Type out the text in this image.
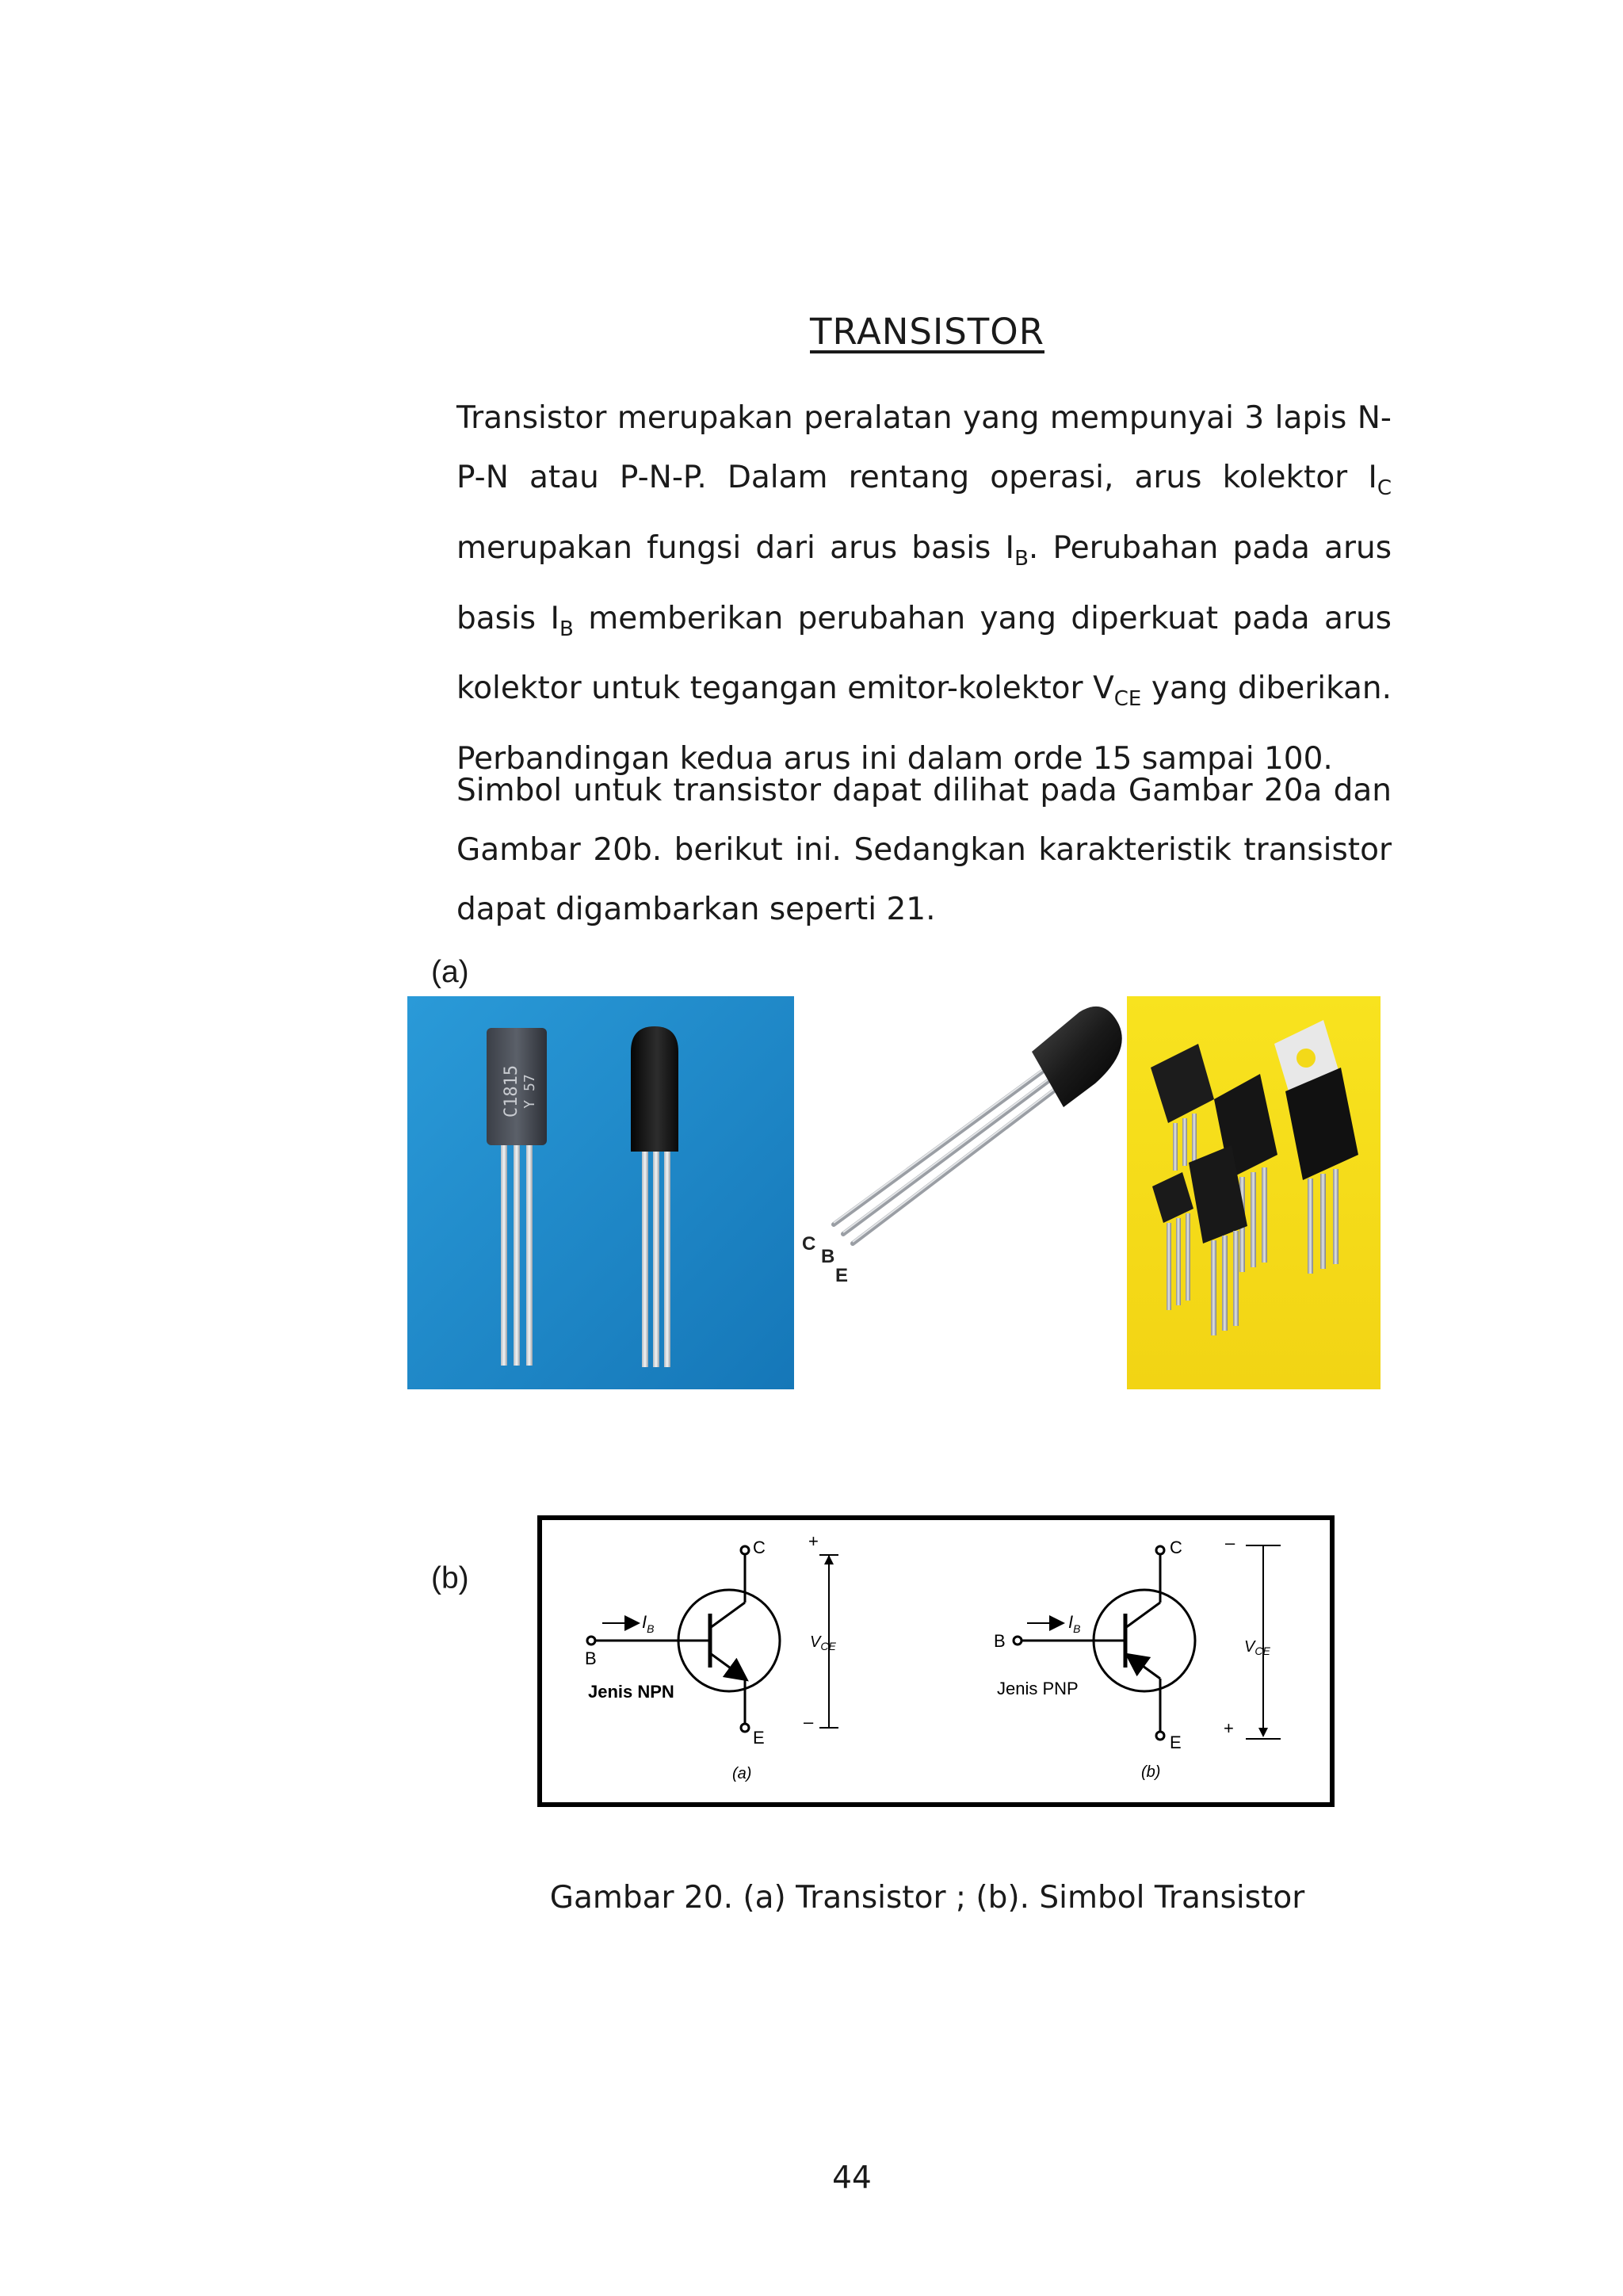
TRANSISTOR

Transistor merupakan peralatan yang mempunyai 3 lapis N-P-N atau P-N-P. Dalam rentang operasi, arus kolektor $I_C$ merupakan fungsi dari arus basis $I_B$. Perubahan pada arus basis $I_B$ memberikan perubahan yang diperkuat pada arus kolektor untuk tegangan emitor-kolektor $V_{CE}$ yang diberikan. Perbandingan kedua arus ini dalam orde 15 sampai 100.

Simbol untuk transistor dapat dilihat pada Gambar 20a dan Gambar 20b. berikut ini. Sedangkan karakteristik transistor dapat digambarkan seperti 21.

(a)
C1815 Y 57
C
B
E
(b)
C
E
B
$I_B$
+
–
$V_{CE}$
Jenis NPN
(a)
C
E
B
$I_B$
–
+
$V_{CE}$
Jenis PNP
(b)
Gambar 20. (a) Transistor ; (b). Simbol Transistor
44
